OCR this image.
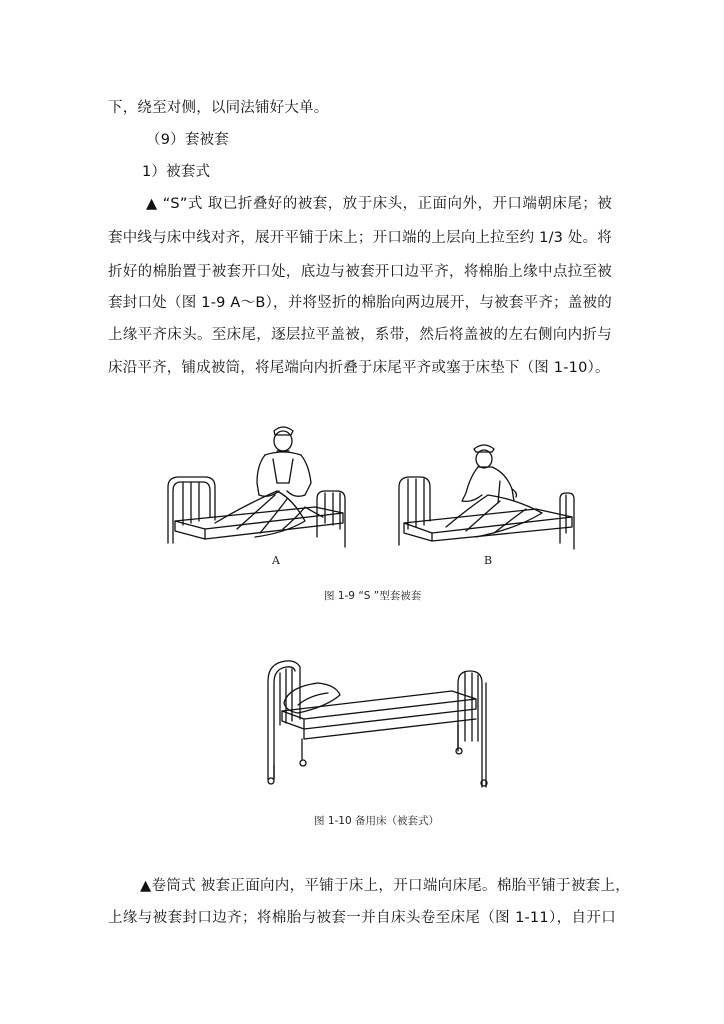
下，绕至对侧，以同法铺好大单。
（9）套被套
1）被套式
▲ “S”式 取已折叠好的被套，放于床头，正面向外，开口端朝床尾；被
套中线与床中线对齐，展开平铺于床上；开口端的上层向上拉至约 1/3 处。将
折好的棉胎置于被套开口处，底边与被套开口边平齐，将棉胎上缘中点拉至被
套封口处（图 1-9 A～B），并将竖折的棉胎向两边展开，与被套平齐；盖被的
上缘平齐床头。至床尾，逐层拉平盖被，系带，然后将盖被的左右侧向内折与
床沿平齐，铺成被筒，将尾端向内折叠于床尾平齐或塞于床垫下（图 1-10）。
A	B
图 1-9 “S ”型套被套
图 1-10 备用床（被套式）
▲卷筒式 被套正面向内，平铺于床上，开口端向床尾。棉胎平铺于被套上，
上缘与被套封口边齐；将棉胎与被套一并自床头卷至床尾（图 1-11），自开口
